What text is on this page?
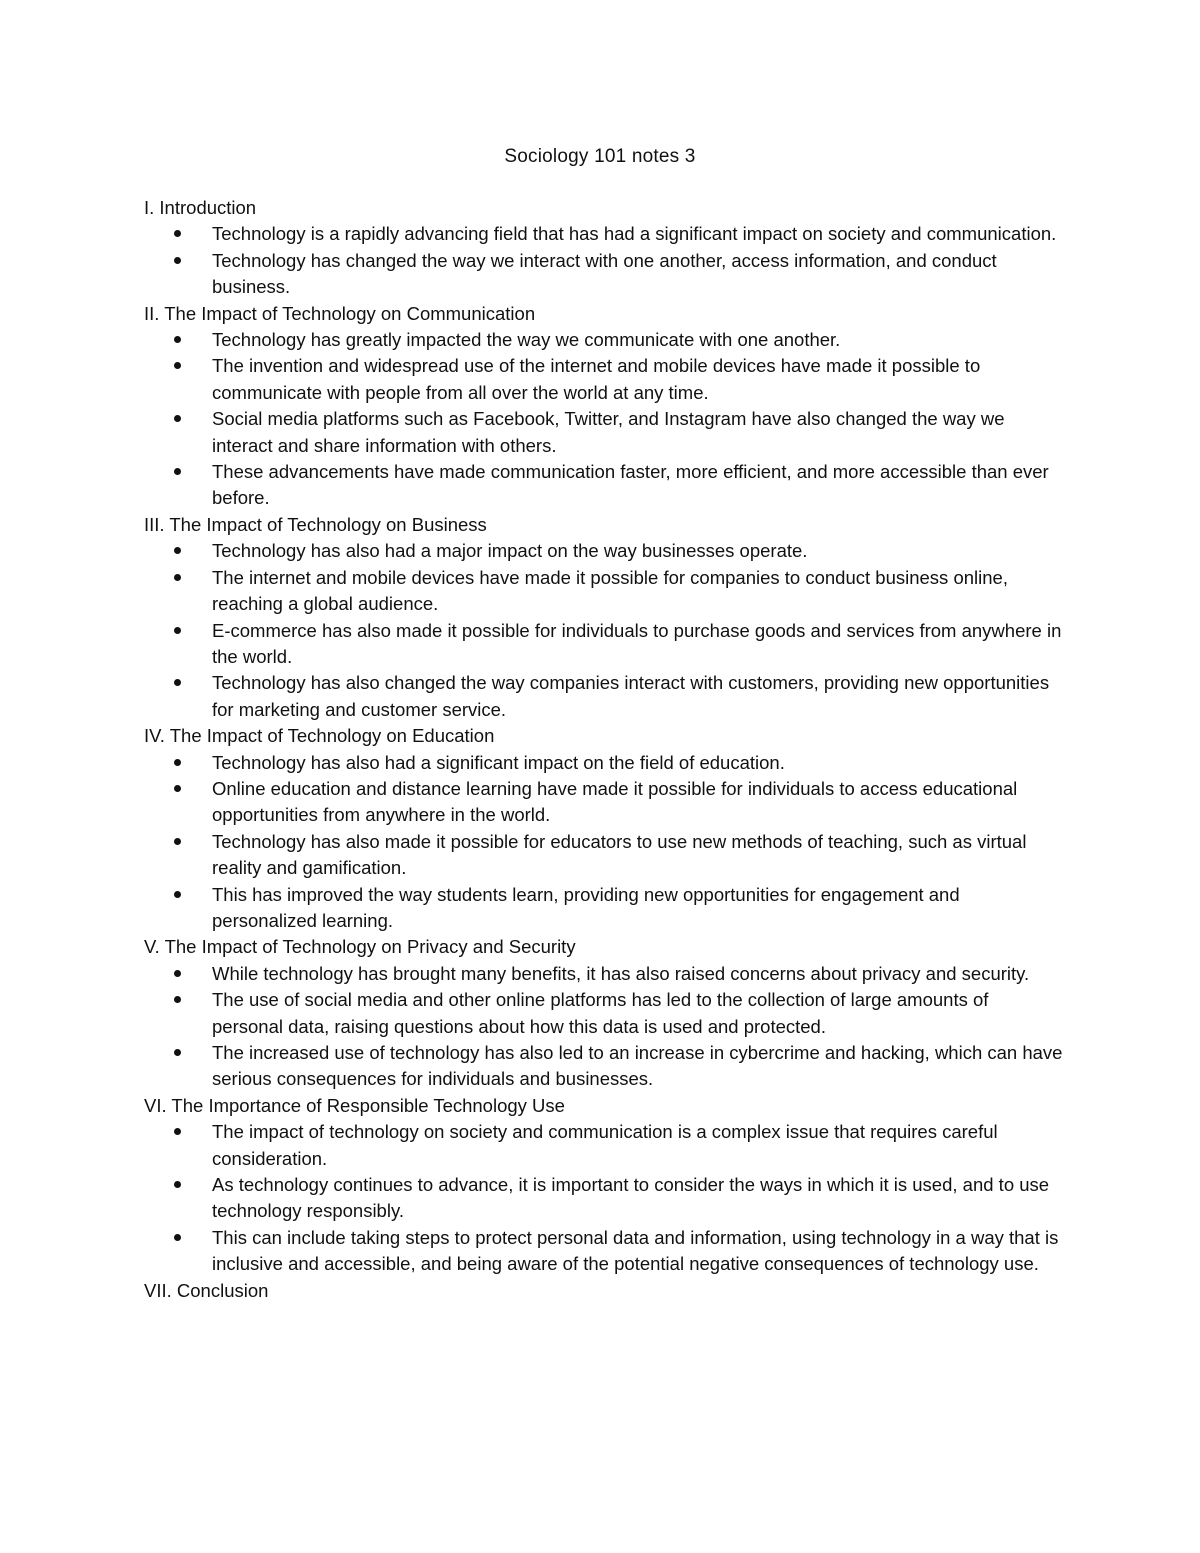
Sociology 101 notes 3
I. Introduction
Technology is a rapidly advancing field that has had a significant impact on society and communication.
Technology has changed the way we interact with one another, access information, and conduct business.
II. The Impact of Technology on Communication
Technology has greatly impacted the way we communicate with one another.
The invention and widespread use of the internet and mobile devices have made it possible to communicate with people from all over the world at any time.
Social media platforms such as Facebook, Twitter, and Instagram have also changed the way we interact and share information with others.
These advancements have made communication faster, more efficient, and more accessible than ever before.
III. The Impact of Technology on Business
Technology has also had a major impact on the way businesses operate.
The internet and mobile devices have made it possible for companies to conduct business online, reaching a global audience.
E-commerce has also made it possible for individuals to purchase goods and services from anywhere in the world.
Technology has also changed the way companies interact with customers, providing new opportunities for marketing and customer service.
IV. The Impact of Technology on Education
Technology has also had a significant impact on the field of education.
Online education and distance learning have made it possible for individuals to access educational opportunities from anywhere in the world.
Technology has also made it possible for educators to use new methods of teaching, such as virtual reality and gamification.
This has improved the way students learn, providing new opportunities for engagement and personalized learning.
V. The Impact of Technology on Privacy and Security
While technology has brought many benefits, it has also raised concerns about privacy and security.
The use of social media and other online platforms has led to the collection of large amounts of personal data, raising questions about how this data is used and protected.
The increased use of technology has also led to an increase in cybercrime and hacking, which can have serious consequences for individuals and businesses.
VI. The Importance of Responsible Technology Use
The impact of technology on society and communication is a complex issue that requires careful consideration.
As technology continues to advance, it is important to consider the ways in which it is used, and to use technology responsibly.
This can include taking steps to protect personal data and information, using technology in a way that is inclusive and accessible, and being aware of the potential negative consequences of technology use.
VII. Conclusion
